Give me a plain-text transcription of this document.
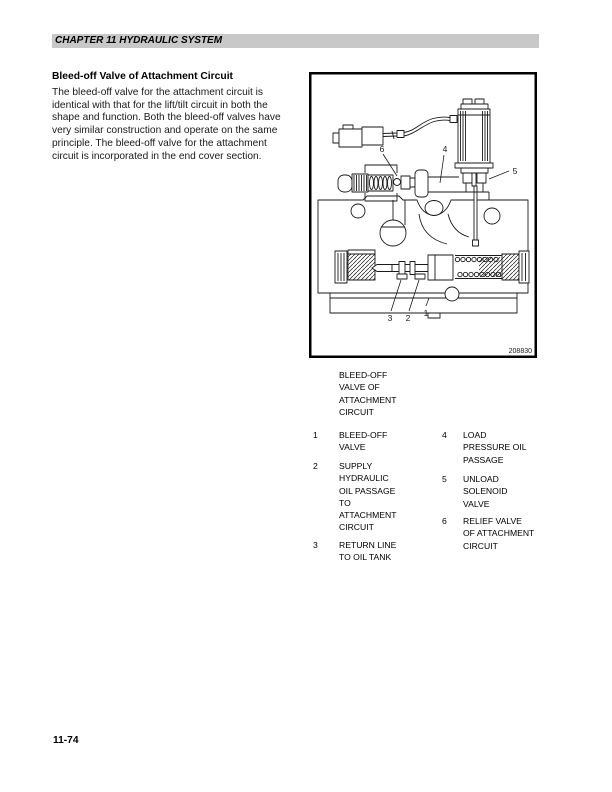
CHAPTER 11 HYDRAULIC SYSTEM
Bleed-off Valve of Attachment Circuit
The bleed-off valve for the attachment circuit is
identical with that for the lift/tilt circuit in both the
shape and function. Both the bleed-off valves have
very similar construction and operate on the same
principle. The bleed-off valve for the attachment
circuit is incorporated in the end cover section.
6	4
5
3 2 1
208830
BLEED-OFF
VALVE OF
ATTACHMENT
CIRCUIT
1 BLEED-OFF
VALVE
2 SUPPLY
HYDRAULIC
OIL PASSAGE
TO
ATTACHMENT
CIRCUIT
3 RETURN LINE
TO OIL TANK
4 LOAD
PRESSURE OIL
PASSAGE
5 UNLOAD
SOLENOID
VALVE
6 RELIEF VALVE
OF ATTACHMENT
CIRCUIT
11-74
